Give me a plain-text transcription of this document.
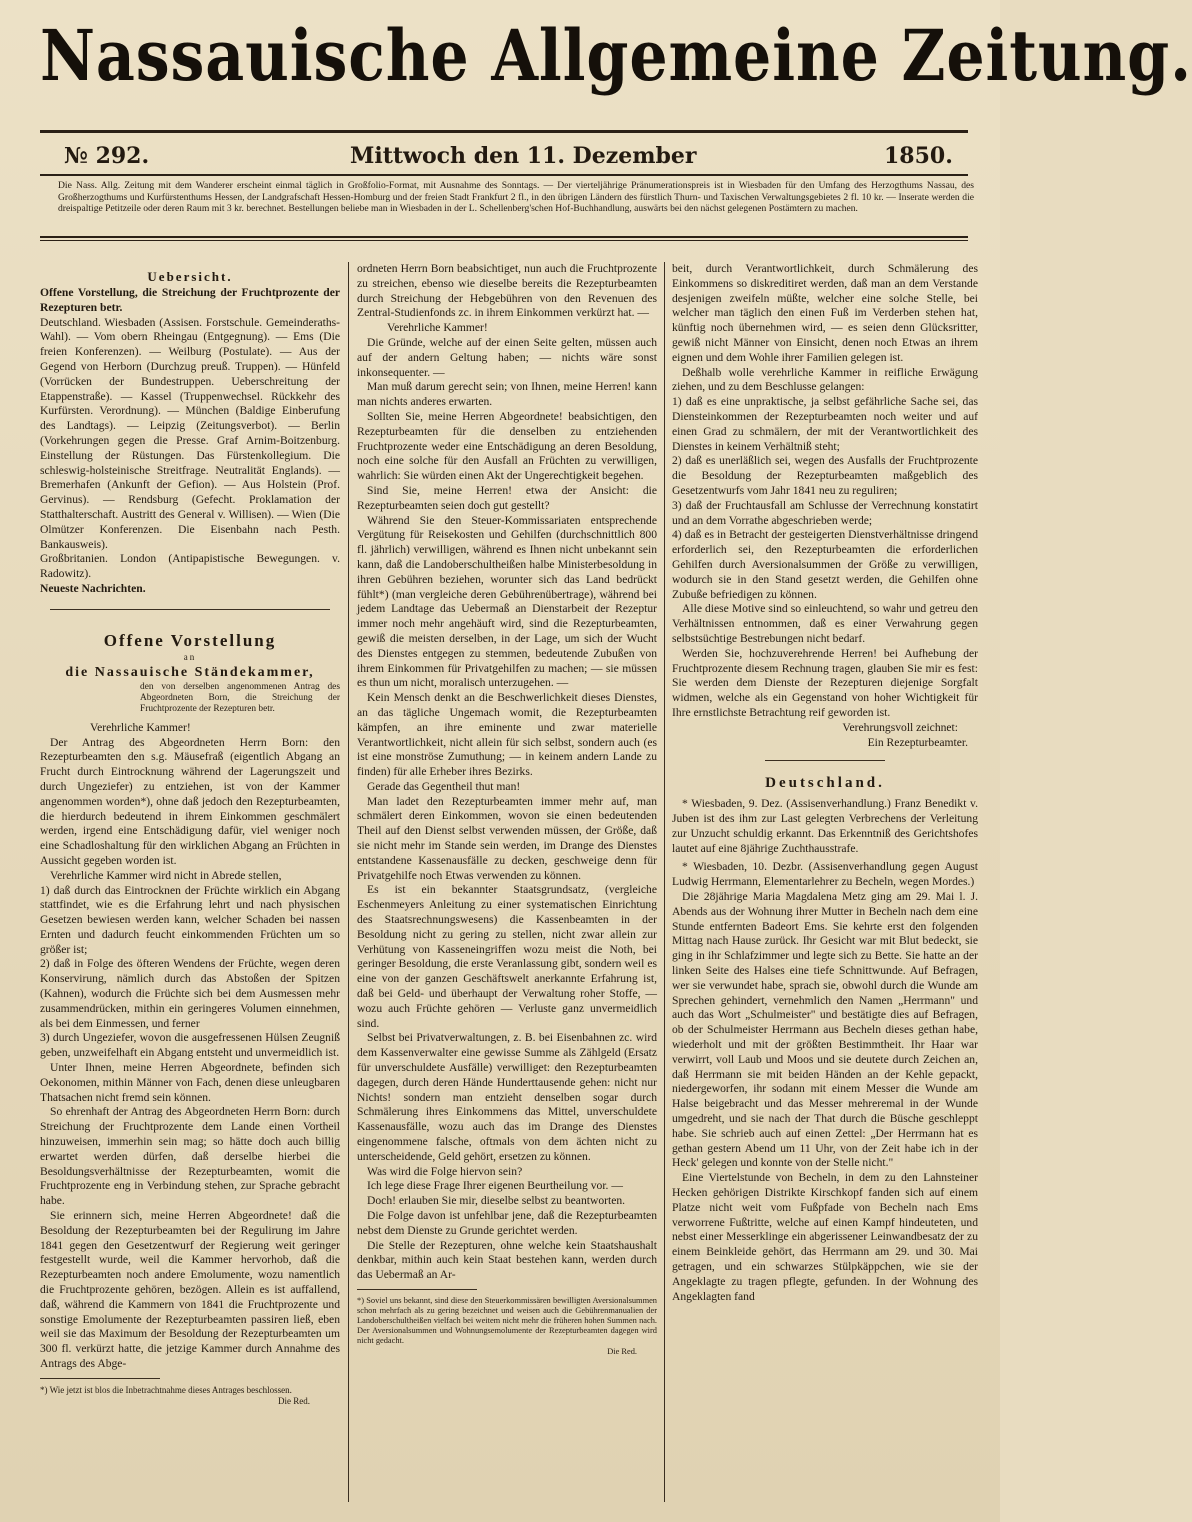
Nassauische Allgemeine Zeitung.
№ 292.	Mittwoch den 11. Dezember	1850.
Die Nass. Allg. Zeitung mit dem Wanderer erscheint einmal täglich in Großfolio-Format, mit Ausnahme des Sonntags. — Der vierteljährige Pränumerationspreis ist in Wiesbaden für den Umfang des Herzogthums Nassau, des Großherzogthums und Kurfürstenthums Hessen, der Landgrafschaft Hessen-Homburg und der freien Stadt Frankfurt 2 fl., in den übrigen Ländern des fürstlich Thurn- und Taxischen Verwaltungsgebietes 2 fl. 10 kr. — Inserate werden die dreispaltige Petitzeile oder deren Raum mit 3 kr. berechnet. Bestellungen beliebe man in Wiesbaden in der L. Schellenberg'schen Hof-Buchhandlung, auswärts bei den nächst gelegenen Postämtern zu machen.

Uebersicht.

Offene Vorstellung, die Streichung der Fruchtprozente der Rezepturen betr.

Deutschland. Wiesbaden (Assisen. Forstschule. Gemeinderaths-Wahl). — Vom obern Rheingau (Entgegnung). — Ems (Die freien Konferenzen). — Weilburg (Postulate). — Aus der Gegend von Herborn (Durchzug preuß. Truppen). — Hünfeld (Vorrücken der Bundestruppen. Ueberschreitung der Etappenstraße). — Kassel (Truppenwechsel. Rückkehr des Kurfürsten. Verordnung). — München (Baldige Einberufung des Landtags). — Leipzig (Zeitungsverbot). — Berlin (Vorkehrungen gegen die Presse. Graf Arnim-Boitzenburg. Einstellung der Rüstungen. Das Fürstenkollegium. Die schleswig-holsteinische Streitfrage. Neutralität Englands). — Bremerhafen (Ankunft der Gefion). — Aus Holstein (Prof. Gervinus). — Rendsburg (Gefecht. Proklamation der Statthalterschaft. Austritt des General v. Willisen). — Wien (Die Olmützer Konferenzen. Die Eisenbahn nach Pesth. Bankausweis).

Großbritanien. London (Antipapistische Bewegungen. v. Radowitz).

Neueste Nachrichten.

Offene Vorstellung

an

die Nassauische Ständekammer,

den von derselben angenommenen Antrag des Abgeordneten Born, die Streichung der Fruchtprozente der Rezepturen betr.

Verehrliche Kammer!

Der Antrag des Abgeordneten Herrn Born: den Rezepturbeamten den s.g. Mäusefraß (eigentlich Abgang an Frucht durch Eintrocknung während der Lagerungszeit und durch Ungeziefer) zu entziehen, ist von der Kammer angenommen worden*), ohne daß jedoch den Rezepturbeamten, die hierdurch bedeutend in ihrem Einkommen geschmälert werden, irgend eine Entschädigung dafür, viel weniger noch eine Schadloshaltung für den wirklichen Abgang an Früchten in Aussicht gegeben worden ist.

Verehrliche Kammer wird nicht in Abrede stellen,

1) daß durch das Eintrocknen der Früchte wirklich ein Abgang stattfindet, wie es die Erfahrung lehrt und nach physischen Gesetzen bewiesen werden kann, welcher Schaden bei nassen Ernten und dadurch feucht einkommenden Früchten um so größer ist;

2) daß in Folge des öfteren Wendens der Früchte, wegen deren Konservirung, nämlich durch das Abstoßen der Spitzen (Kahnen), wodurch die Früchte sich bei dem Ausmessen mehr zusammendrücken, mithin ein geringeres Volumen einnehmen, als bei dem Einmessen, und ferner

3) durch Ungeziefer, wovon die ausgefressenen Hülsen Zeugniß geben, unzweifelhaft ein Abgang entsteht und unvermeidlich ist.

Unter Ihnen, meine Herren Abgeordnete, befinden sich Oekonomen, mithin Männer von Fach, denen diese unleugbaren Thatsachen nicht fremd sein können.

So ehrenhaft der Antrag des Abgeordneten Herrn Born: durch Streichung der Fruchtprozente dem Lande einen Vortheil hinzuweisen, immerhin sein mag; so hätte doch auch billig erwartet werden dürfen, daß derselbe hierbei die Besoldungsverhältnisse der Rezepturbeamten, womit die Fruchtprozente eng in Verbindung stehen, zur Sprache gebracht habe.

Sie erinnern sich, meine Herren Abgeordnete! daß die Besoldung der Rezepturbeamten bei der Regulirung im Jahre 1841 gegen den Gesetzentwurf der Regierung weit geringer festgestellt wurde, weil die Kammer hervorhob, daß die Rezepturbeamten noch andere Emolumente, wozu namentlich die Fruchtprozente gehören, bezögen. Allein es ist auffallend, daß, während die Kammern von 1841 die Fruchtprozente und sonstige Emolumente der Rezepturbeamten passiren ließ, eben weil sie das Maximum der Besoldung der Rezepturbeamten um 300 fl. verkürzt hatte, die jetzige Kammer durch Annahme des Antrags des Abge-

*) Wie jetzt ist blos die Inbetrachtnahme dieses Antrages beschlossen.

Die Red.

ordneten Herrn Born beabsichtiget, nun auch die Fruchtprozente zu streichen, ebenso wie dieselbe bereits die Rezepturbeamten durch Streichung der Hebgebühren von den Revenuen des Zentral-Studienfonds zc. in ihrem Einkommen verkürzt hat. —

Verehrliche Kammer!

Die Gründe, welche auf der einen Seite gelten, müssen auch auf der andern Geltung haben; — nichts wäre sonst inkonsequenter. —

Man muß darum gerecht sein; von Ihnen, meine Herren! kann man nichts anderes erwarten.

Sollten Sie, meine Herren Abgeordnete! beabsichtigen, den Rezepturbeamten für die denselben zu entziehenden Fruchtprozente weder eine Entschädigung an deren Besoldung, noch eine solche für den Ausfall an Früchten zu verwilligen, wahrlich: Sie würden einen Akt der Ungerechtigkeit begehen.

Sind Sie, meine Herren! etwa der Ansicht: die Rezepturbeamten seien doch gut gestellt?

Während Sie den Steuer-Kommissariaten entsprechende Vergütung für Reisekosten und Gehilfen (durchschnittlich 800 fl. jährlich) verwilligen, während es Ihnen nicht unbekannt sein kann, daß die Landoberschultheißen halbe Ministerbesoldung in ihren Gebühren beziehen, worunter sich das Land bedrückt fühlt*) (man vergleiche deren Gebührenübertrage), während bei jedem Landtage das Uebermaß an Dienstarbeit der Rezeptur immer noch mehr angehäuft wird, sind die Rezepturbeamten, gewiß die meisten derselben, in der Lage, um sich der Wucht des Dienstes entgegen zu stemmen, bedeutende Zubußen von ihrem Einkommen für Privatgehilfen zu machen; — sie müssen es thun um nicht, moralisch unterzugehen. —

Kein Mensch denkt an die Beschwerlichkeit dieses Dienstes, an das tägliche Ungemach womit, die Rezepturbeamten kämpfen, an ihre eminente und zwar materielle Verantwortlichkeit, nicht allein für sich selbst, sondern auch (es ist eine monströse Zumuthung; — in keinem andern Lande zu finden) für alle Erheber ihres Bezirks.

Gerade das Gegentheil thut man!

Man ladet den Rezepturbeamten immer mehr auf, man schmälert deren Einkommen, wovon sie einen bedeutenden Theil auf den Dienst selbst verwenden müssen, der Größe, daß sie nicht mehr im Stande sein werden, im Drange des Dienstes entstandene Kassenausfälle zu decken, geschweige denn für Privatgehilfe noch Etwas verwenden zu können.

Es ist ein bekannter Staatsgrundsatz, (vergleiche Eschenmeyers Anleitung zu einer systematischen Einrichtung des Staatsrechnungswesens) die Kassenbeamten in der Besoldung nicht zu gering zu stellen, nicht zwar allein zur Verhütung von Kasseneingriffen wozu meist die Noth, bei geringer Besoldung, die erste Veranlassung gibt, sondern weil es eine von der ganzen Geschäftswelt anerkannte Erfahrung ist, daß bei Geld- und überhaupt der Verwaltung roher Stoffe, — wozu auch Früchte gehören — Verluste ganz unvermeidlich sind.

Selbst bei Privatverwaltungen, z. B. bei Eisenbahnen zc. wird dem Kassenverwalter eine gewisse Summe als Zählgeld (Ersatz für unverschuldete Ausfälle) verwilliget: den Rezepturbeamten dagegen, durch deren Hände Hunderttausende gehen: nicht nur Nichts! sondern man entzieht denselben sogar durch Schmälerung ihres Einkommens das Mittel, unverschuldete Kassenausfälle, wozu auch das im Drange des Dienstes eingenommene falsche, oftmals von dem ächten nicht zu unterscheidende, Geld gehört, ersetzen zu können.

Was wird die Folge hiervon sein?

Ich lege diese Frage Ihrer eigenen Beurtheilung vor. —

Doch! erlauben Sie mir, dieselbe selbst zu beantworten.

Die Folge davon ist unfehlbar jene, daß die Rezepturbeamten nebst dem Dienste zu Grunde gerichtet werden.

Die Stelle der Rezepturen, ohne welche kein Staatshaushalt denkbar, mithin auch kein Staat bestehen kann, werden durch das Uebermaß an Ar-

*) Soviel uns bekannt, sind diese den Steuerkommissären bewilligten Aversionalsummen schon mehrfach als zu gering bezeichnet und weisen auch die Gebührenmanualien der Landoberschultheißen vielfach bei weitem nicht mehr die früheren hohen Summen nach. Der Aversionalsummen und Wohnungsemolumente der Rezepturbeamten dagegen wird nicht gedacht.

Die Red.

beit, durch Verantwortlichkeit, durch Schmälerung des Einkommens so diskreditiret werden, daß man an dem Verstande desjenigen zweifeln müßte, welcher eine solche Stelle, bei welcher man täglich den einen Fuß im Verderben stehen hat, künftig noch übernehmen wird, — es seien denn Glücksritter, gewiß nicht Männer von Einsicht, denen noch Etwas an ihrem eignen und dem Wohle ihrer Familien gelegen ist.

Deßhalb wolle verehrliche Kammer in reifliche Erwägung ziehen, und zu dem Beschlusse gelangen:

1) daß es eine unpraktische, ja selbst gefährliche Sache sei, das Diensteinkommen der Rezepturbeamten noch weiter und auf einen Grad zu schmälern, der mit der Verantwortlichkeit des Dienstes in keinem Verhältniß steht;

2) daß es unerläßlich sei, wegen des Ausfalls der Fruchtprozente die Besoldung der Rezepturbeamten maßgeblich des Gesetzentwurfs vom Jahr 1841 neu zu reguliren;

3) daß der Fruchtausfall am Schlusse der Verrechnung konstatirt und an dem Vorrathe abgeschrieben werde;

4) daß es in Betracht der gesteigerten Dienstverhältnisse dringend erforderlich sei, den Rezepturbeamten die erforderlichen Gehilfen durch Aversionalsummen der Größe zu verwilligen, wodurch sie in den Stand gesetzt werden, die Gehilfen ohne Zubuße befriedigen zu können.

Alle diese Motive sind so einleuchtend, so wahr und getreu den Verhältnissen entnommen, daß es einer Verwahrung gegen selbstsüchtige Bestrebungen nicht bedarf.

Werden Sie, hochzuverehrende Herren! bei Aufhebung der Fruchtprozente diesem Rechnung tragen, glauben Sie mir es fest: Sie werden dem Dienste der Rezepturen diejenige Sorgfalt widmen, welche als ein Gegenstand von hoher Wichtigkeit für Ihre ernstlichste Betrachtung reif geworden ist.

Verehrungsvoll zeichnet:

Ein Rezepturbeamter.

Deutschland.

* Wiesbaden, 9. Dez. (Assisenverhandlung.) Franz Benedikt v. Juben ist des ihm zur Last gelegten Verbrechens der Verleitung zur Unzucht schuldig erkannt. Das Erkenntniß des Gerichtshofes lautet auf eine 8jährige Zuchthausstrafe.

* Wiesbaden, 10. Dezbr. (Assisenverhandlung gegen August Ludwig Herrmann, Elementarlehrer zu Becheln, wegen Mordes.)

Die 28jährige Maria Magdalena Metz ging am 29. Mai l. J. Abends aus der Wohnung ihrer Mutter in Becheln nach dem eine Stunde entfernten Badeort Ems. Sie kehrte erst den folgenden Mittag nach Hause zurück. Ihr Gesicht war mit Blut bedeckt, sie ging in ihr Schlafzimmer und legte sich zu Bette. Sie hatte an der linken Seite des Halses eine tiefe Schnittwunde. Auf Befragen, wer sie verwundet habe, sprach sie, obwohl durch die Wunde am Sprechen gehindert, vernehmlich den Namen „Herrmann" und auch das Wort „Schulmeister" und bestätigte dies auf Befragen, ob der Schulmeister Herrmann aus Becheln dieses gethan habe, wiederholt und mit der größten Bestimmtheit. Ihr Haar war verwirrt, voll Laub und Moos und sie deutete durch Zeichen an, daß Herrmann sie mit beiden Händen an der Kehle gepackt, niedergeworfen, ihr sodann mit einem Messer die Wunde am Halse beigebracht und das Messer mehreremal in der Wunde umgedreht, und sie nach der That durch die Büsche geschleppt habe. Sie schrieb auch auf einen Zettel: „Der Herrmann hat es gethan gestern Abend um 11 Uhr, von der Zeit habe ich in der Heck' gelegen und konnte von der Stelle nicht."

Eine Viertelstunde von Becheln, in dem zu den Lahnsteiner Hecken gehörigen Distrikte Kirschkopf fanden sich auf einem Platze nicht weit vom Fußpfade von Becheln nach Ems verworrene Fußtritte, welche auf einen Kampf hindeuteten, und nebst einer Messerklinge ein abgerissener Leinwandbesatz der zu einem Beinkleide gehört, das Herrmann am 29. und 30. Mai getragen, und ein schwarzes Stülpkäppchen, wie sie der Angeklagte zu tragen pflegte, gefunden. In der Wohnung des Angeklagten fand
